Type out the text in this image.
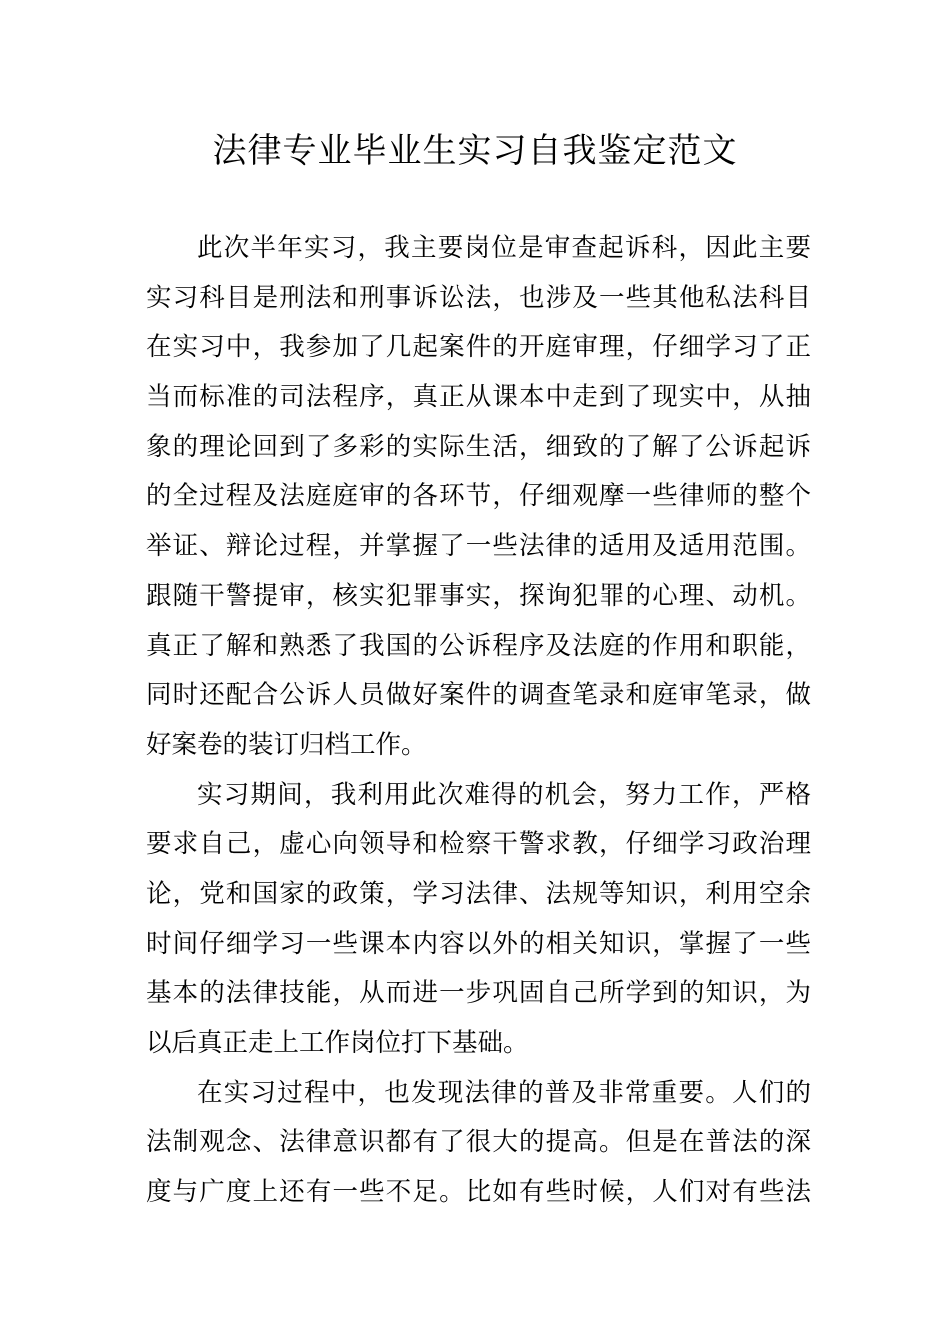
法律专业毕业生实习自我鉴定范文
此次半年实习，我主要岗位是审查起诉科，因此主要
实习科目是刑法和刑事诉讼法，也涉及一些其他私法科目
在实习中，我参加了几起案件的开庭审理，仔细学习了正
当而标准的司法程序，真正从课本中走到了现实中，从抽
象的理论回到了多彩的实际生活，细致的了解了公诉起诉
的全过程及法庭庭审的各环节，仔细观摩一些律师的整个
举证、辩论过程，并掌握了一些法律的适用及适用范围。
跟随干警提审，核实犯罪事实，探询犯罪的心理、动机。
真正了解和熟悉了我国的公诉程序及法庭的作用和职能，
同时还配合公诉人员做好案件的调查笔录和庭审笔录，做
好案卷的装订归档工作。
实习期间，我利用此次难得的机会，努力工作，严格
要求自己，虚心向领导和检察干警求教，仔细学习政治理
论，党和国家的政策，学习法律、法规等知识，利用空余
时间仔细学习一些课本内容以外的相关知识，掌握了一些
基本的法律技能，从而进一步巩固自己所学到的知识，为
以后真正走上工作岗位打下基础。
在实习过程中，也发现法律的普及非常重要。人们的
法制观念、法律意识都有了很大的提高。但是在普法的深
度与广度上还有一些不足。比如有些时候，人们对有些法
